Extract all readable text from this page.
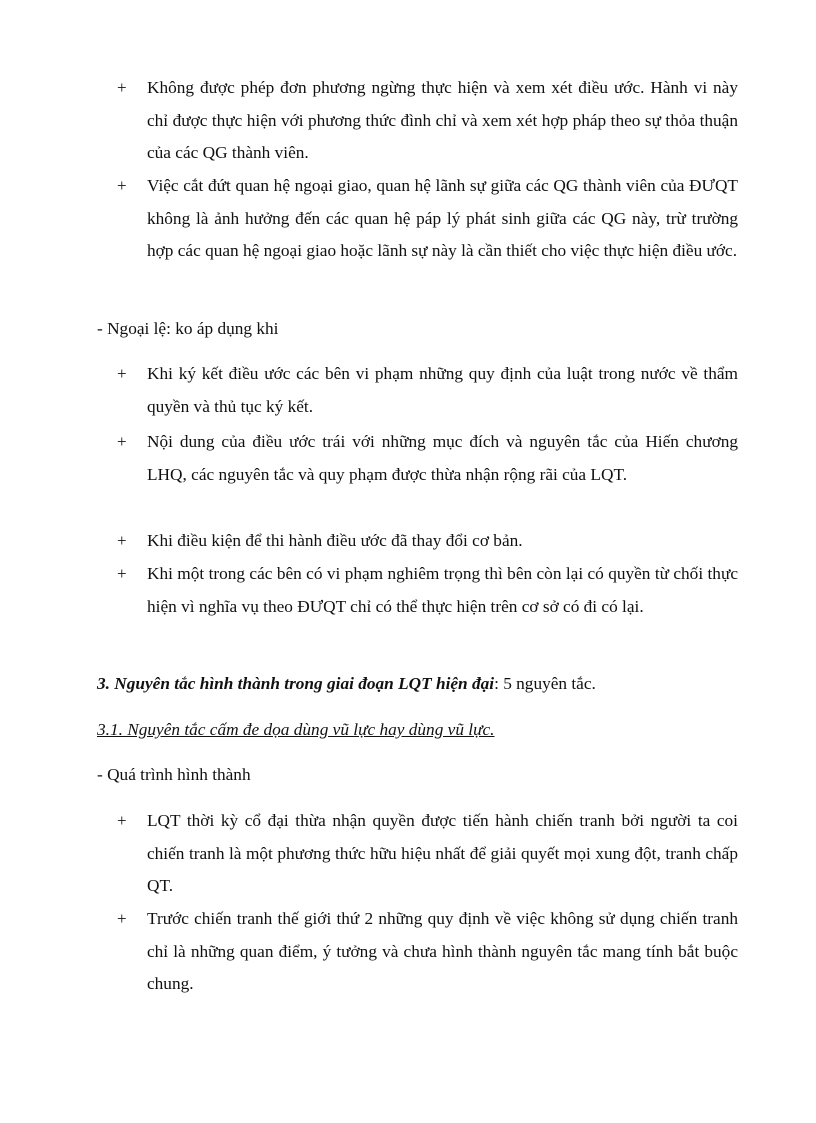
+	Không được phép đơn phương ngừng thực hiện và xem xét điều ước. Hành vi này chỉ được thực hiện với phương thức đình chỉ và xem xét hợp pháp theo sự thỏa thuận của các QG thành viên.
+	Việc cắt đứt quan hệ ngoại giao, quan hệ lãnh sự giữa các QG thành viên của ĐƯQT không là ảnh hưởng đến các quan hệ páp lý phát sinh giữa các QG này, trừ trường hợp các quan hệ ngoại giao hoặc lãnh sự này là cần thiết cho việc thực hiện điều ước.
- Ngoại lệ: ko áp dụng khi
+	Khi ký kết điều ước các bên vi phạm những quy định của luật trong nước về thẩm quyền và thủ tục ký kết.
+	Nội dung của điều ước trái với những mục đích và nguyên tắc của Hiến chương LHQ, các nguyên tắc và quy phạm được thừa nhận rộng rãi của LQT.
+	Khi điều kiện để thi hành điều ước đã thay đổi cơ bản.
+	Khi một trong các bên có vi phạm nghiêm trọng thì bên còn lại có quyền từ chối thực hiện vì nghĩa vụ theo ĐƯQT chỉ có thể thực hiện trên cơ sở có đi có lại.
3. Nguyên tắc hình thành trong giai đoạn LQT hiện đại: 5 nguyên tắc.
3.1. Nguyên tắc cấm đe dọa dùng vũ lực hay dùng vũ lực.
- Quá trình hình thành
+	LQT thời kỳ cổ đại thừa nhận quyền được tiến hành chiến tranh bởi người ta coi chiến tranh là một phương thức hữu hiệu nhất để giải quyết mọi xung đột, tranh chấp QT.
+	Trước chiến tranh thế giới thứ 2 những quy định về việc không sử dụng chiến tranh chỉ là những quan điểm, ý tưởng và chưa hình thành nguyên tắc mang tính bắt buộc chung.
